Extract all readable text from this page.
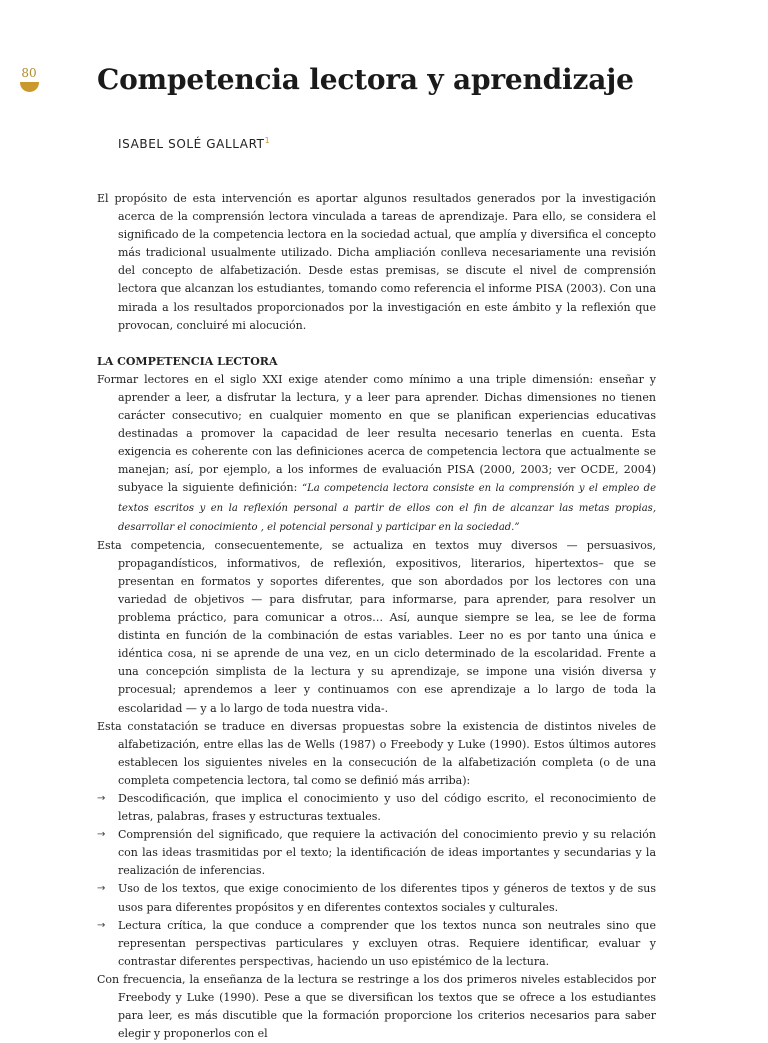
80 Competencia lectora y aprendizaje
ISABEL SOLÉ GALLART$^1$

El propósito de esta intervención es aportar algunos resultados generados por la investigación acerca de la comprensión lectora vinculada a tareas de aprendizaje. Para ello, se considera el significado de la competencia lectora en la sociedad actual, que amplía y diversifica el concepto más tradicional usualmente utilizado. Dicha ampliación conlleva necesariamente una revisión del concepto de alfabetización. Desde estas premisas, se discute el nivel de comprensión lectora que alcanzan los estudiantes, tomando como referencia el informe PISA (2003). Con una mirada a los resultados proporcionados por la investigación en este ámbito y la reflexión que provocan, concluiré mi alocución.

LA COMPETENCIA LECTORA

Formar lectores en el siglo XXI exige atender como mínimo a una triple dimensión: enseñar y aprender a leer, a disfrutar la lectura, y a leer para aprender. Dichas dimensiones no tienen carácter consecutivo; en cualquier momento en que se planifican experiencias educativas destinadas a promover la capacidad de leer resulta necesario tenerlas en cuenta. Esta exigencia es coherente con las definiciones acerca de competencia lectora que actualmente se manejan; así, por ejemplo, a los informes de evaluación PISA (2000, 2003; ver OCDE, 2004) subyace la siguiente definición: “La competencia lectora consiste en la comprensión y el empleo de textos escritos y en la reflexión personal a partir de ellos con el fin de alcanzar las metas propias, desarrollar el conocimiento , el potencial personal y participar en la sociedad.”

Esta competencia, consecuentemente, se actualiza en textos muy diversos — persuasivos, propagandísticos, informativos, de reflexión, expositivos, literarios, hipertextos– que se presentan en formatos y soportes diferentes, que son abordados por los lectores con una variedad de objetivos — para disfrutar, para informarse, para aprender, para resolver un problema práctico, para comunicar a otros… Así, aunque siempre se lea, se lee de forma distinta en función de la combinación de estas variables. Leer no es por tanto una única e idéntica cosa, ni se aprende de una vez, en un ciclo determinado de la escolaridad. Frente a una concepción simplista de la lectura y su aprendizaje, se impone una visión diversa y procesual; aprendemos a leer y continuamos con ese aprendizaje a lo largo de toda la escolaridad — y a lo largo de toda nuestra vida-.

Esta constatación se traduce en diversas propuestas sobre la existencia de distintos niveles de alfabetización, entre ellas las de Wells (1987) o Freebody y Luke (1990). Estos últimos autores establecen los siguientes niveles en la consecución de la alfabetización completa (o de una completa competencia lectora, tal como se definió más arriba):

→ Descodificación, que implica el conocimiento y uso del código escrito, el reconocimiento de letras, palabras, frases y estructuras textuales.
→ Comprensión del significado, que requiere la activación del conocimiento previo y su relación con las ideas trasmitidas por el texto; la identificación de ideas importantes y secundarias y la realización de inferencias.
→ Uso de los textos, que exige conocimiento de los diferentes tipos y géneros de textos y de sus usos para diferentes propósitos y en diferentes contextos sociales y culturales.
→ Lectura crítica, la que conduce a comprender que los textos nunca son neutrales sino que representan perspectivas particulares y excluyen otras. Requiere identificar, evaluar y contrastar diferentes perspectivas, haciendo un uso epistémico de la lectura.

Con frecuencia, la enseñanza de la lectura se restringe a los dos primeros niveles establecidos por Freebody y Luke (1990). Pese a que se diversifican los textos que se ofrece a los estudiantes para leer, es más discutible que la formación proporcione los criterios necesarios para saber elegir y proponerlos con el
